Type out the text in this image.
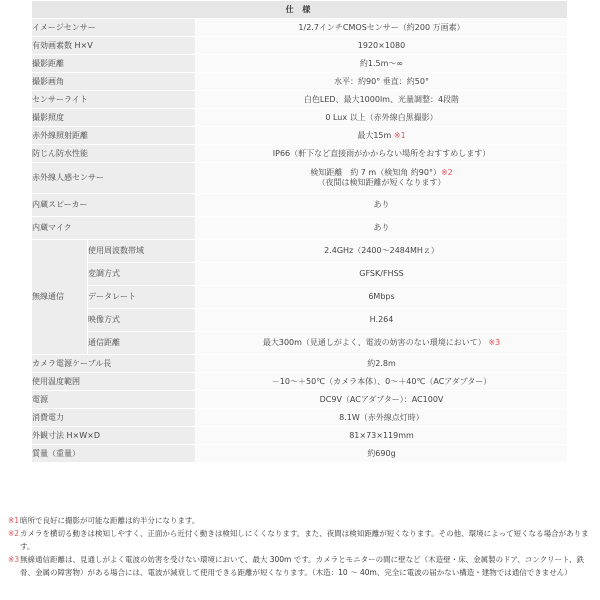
仕 様		
イメージセンサー		1/2.7インチCMOSセンサー（約200 万画素）
有効画素数 H×V		1920×1080
撮影距離		約1.5m〜∞
撮影画角		水平：約90° 垂直：約50°
センサーライト		白色LED、最大1000lm、光量調整：4段階
撮影照度		0 Lux 以上（赤外線白黒撮影）
赤外線照射距離		最大15m ※1
防じん防水性能		IP66（軒下など直接雨がかからない場所をおすすめします）
赤外線人感センサー		検知距離　約 7 m（検知角 約90°）※2
（夜間は検知距離が短くなります）

内蔵スピーカー		あり
内蔵マイク		あり
無線通信	使用周波数帯域	2.4GHz（2400〜2484MHｚ）
	変調方式	GFSK/FHSS
	データレート	6Mbps
	映像方式	H.264
	通信距離	最大300m（見通しがよく、電波の妨害のない環境において） ※3
カメラ電源ケーブル長		約2.8m
使用温度範囲		－10〜＋50℃（カメラ本体）、0〜＋40℃（ACアダプター）
電源		DC9V（ACアダプター）：AC100V
消費電力		8.1W（赤外線点灯時）
外観寸法 H×W×D		81×73×119mm
質量（重量）		約690g
※1 暗所で良好に撮影が可能な距離は約半分になります。
※2 カメラを横切る動きは検知しやすく、正面から近付く動きは検知しにくくなります。また、夜間は検知距離が短くなります。その他、環境によって短くなる場合があります。
※3 無線通信距離は、見通しがよく電波の妨害を受けない環境において、最大 300m です。カメラとモニターの間に壁など（木造壁・床、金属製のドア、コンクリート、鉄骨、金属の障害物）がある場合には、電波が減衰して使用できる距離が短くなります。（木造：10 〜 40m、完全に電波の届かない構造・建物では通信できません）
